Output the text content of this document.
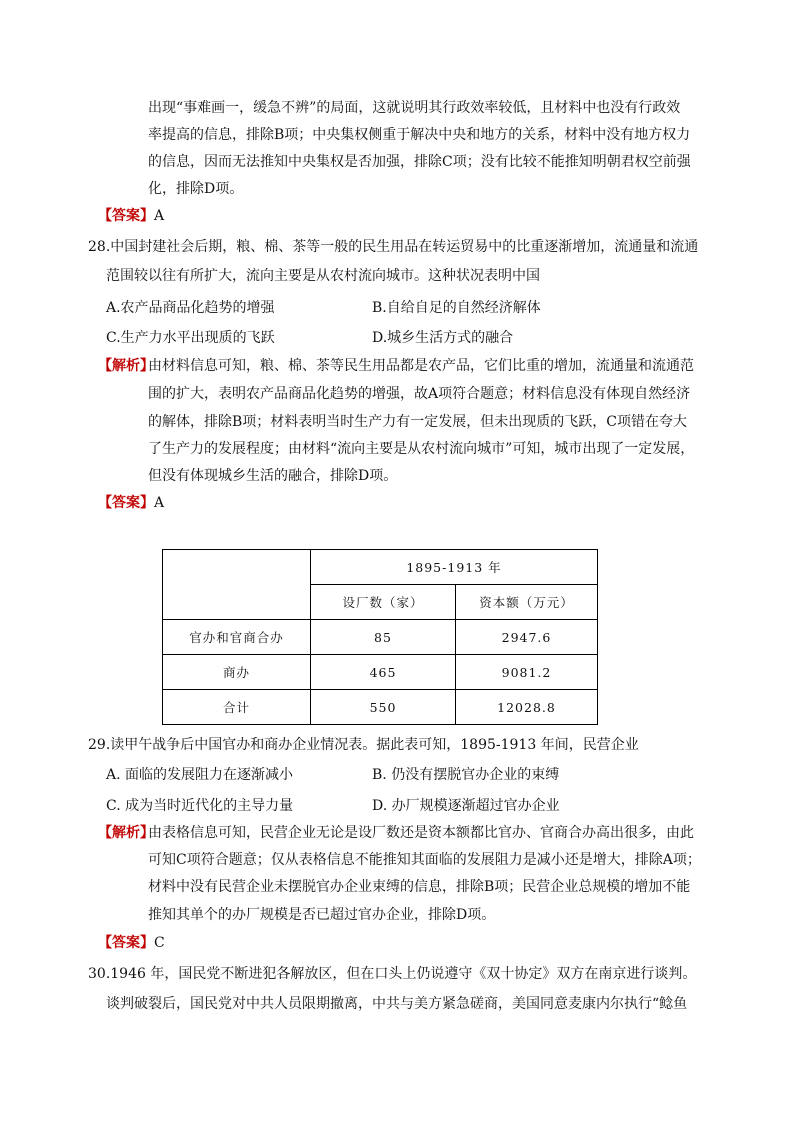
出现“事难画一，缓急不辨”的局面，这就说明其行政效率较低，且材料中也没有行政效
率提高的信息，排除B项；中央集权侧重于解决中央和地方的关系，材料中没有地方权力
的信息，因而无法推知中央集权是否加强，排除C项；没有比较不能推知明朝君权空前强
化，排除D项。
【答案】A
28.中国封建社会后期，粮、棉、茶等一般的民生用品在转运贸易中的比重逐渐增加，流通量和流通
范围较以往有所扩大，流向主要是从农村流向城市。这种状况表明中国
A.农产品商品化趋势的增强	B.自给自足的自然经济解体
C.生产力水平出现质的飞跃	D.城乡生活方式的融合
【解析】
由材料信息可知，粮、棉、茶等民生用品都是农产品，它们比重的增加，流通量和流通范
围的扩大，表明农产品商品化趋势的增强，故A项符合题意；材料信息没有体现自然经济
的解体，排除B项；材料表明当时生产力有一定发展，但未出现质的飞跃，C项错在夸大
了生产力的发展程度；由材料“流向主要是从农村流向城市”可知，城市出现了一定发展，
但没有体现城乡生活的融合，排除D项。
【答案】A
	1895-1913 年	
	设厂数（家）	资本额（万元）
官办和官商合办	85	2947.6
商办	465	9081.2
合计	550	12028.8
29.读甲午战争后中国官办和商办企业情况表。据此表可知，1895-1913 年间，民营企业
A. 面临的发展阻力在逐渐减小	B. 仍没有摆脱官办企业的束缚
C. 成为当时近代化的主导力量	D. 办厂规模逐渐超过官办企业
【解析】
由表格信息可知，民营企业无论是设厂数还是资本额都比官办、官商合办高出很多，由此
可知C项符合题意；仅从表格信息不能推知其面临的发展阻力是减小还是增大，排除A项；
材料中没有民营企业未摆脱官办企业束缚的信息，排除B项；民营企业总规模的增加不能
推知其单个的办厂规模是否已超过官办企业，排除D项。
【答案】C
30.1946 年，国民党不断进犯各解放区，但在口头上仍说遵守《双十协定》双方在南京进行谈判。
谈判破裂后，国民党对中共人员限期撤离，中共与美方紧急磋商，美国同意麦康内尔执行“鲶鱼
